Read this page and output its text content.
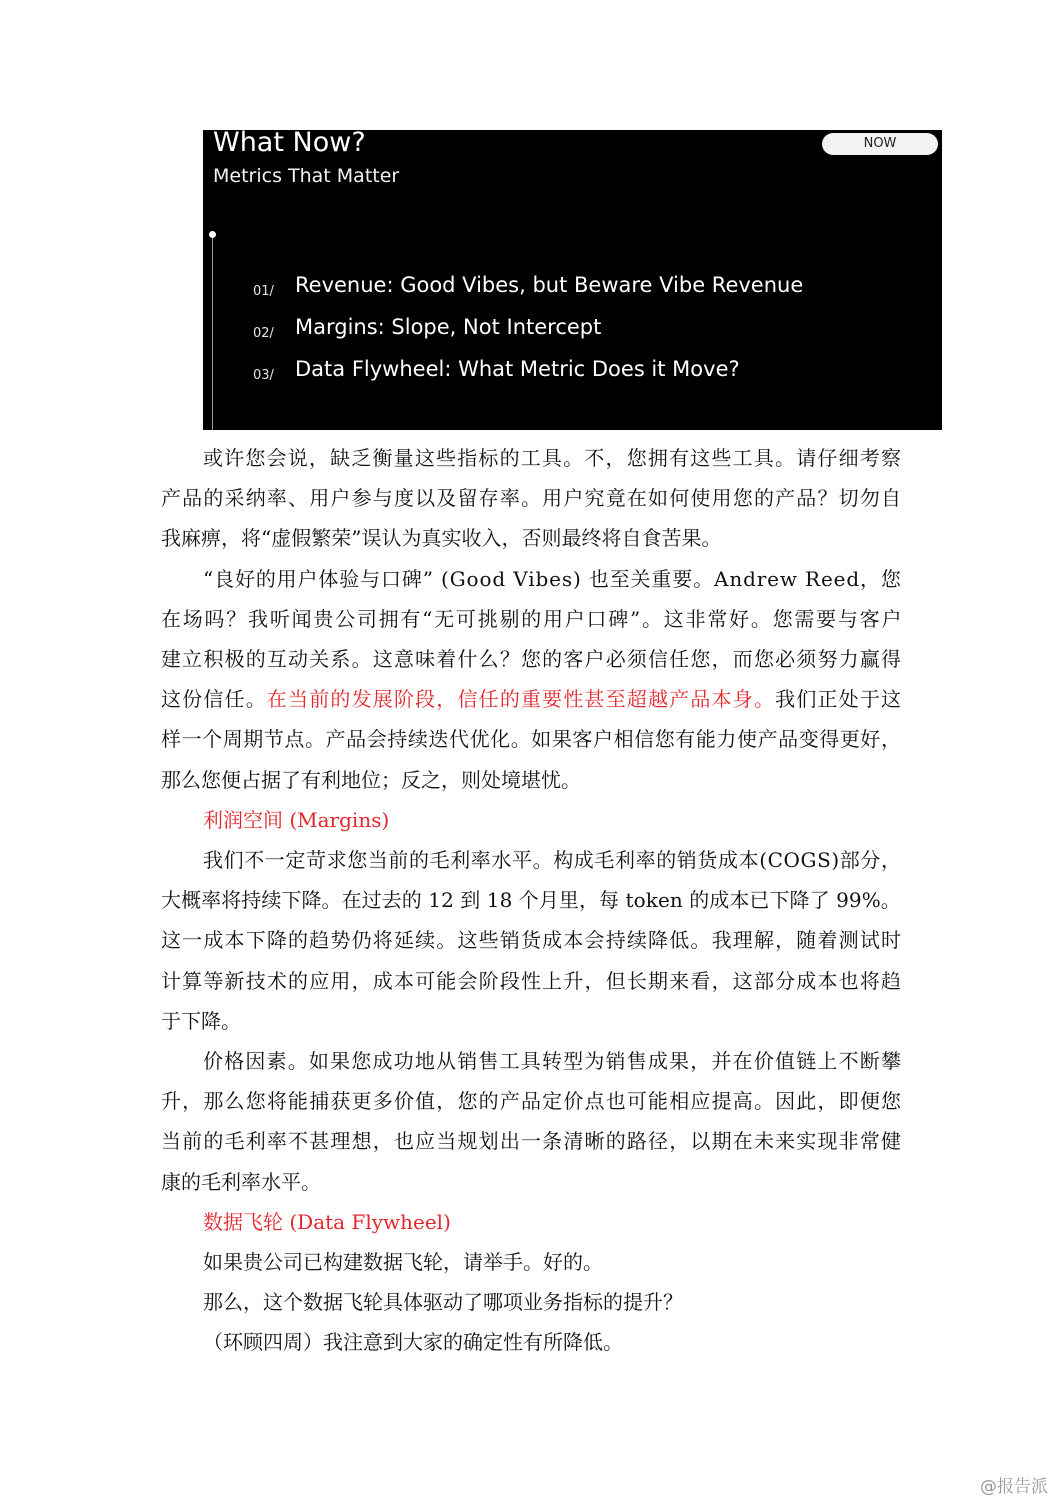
What Now?
Metrics That Matter
NOW
01/ Revenue: Good Vibes, but Beware Vibe Revenue
02/ Margins: Slope, Not Intercept
03/ Data Flywheel: What Metric Does it Move?
或许您会说，缺乏衡量这些指标的工具。不，您拥有这些工具。请仔细考察
产品的采纳率、用户参与度以及留存率。用户究竟在如何使用您的产品？切勿自
我麻痹，将“虚假繁荣”误认为真实收入，否则最终将自食苦果。
“良好的用户体验与口碑” (Good Vibes) 也至关重要。Andrew Reed，您
在场吗？我听闻贵公司拥有“无可挑剔的用户口碑”。这非常好。您需要与客户
建立积极的互动关系。这意味着什么？您的客户必须信任您，而您必须努力赢得
这份信任。在当前的发展阶段，信任的重要性甚至超越产品本身。我们正处于这
样一个周期节点。产品会持续迭代优化。如果客户相信您有能力使产品变得更好，
那么您便占据了有利地位；反之，则处境堪忧。
利润空间 (Margins)
我们不一定苛求您当前的毛利率水平。构成毛利率的销货成本(COGS)部分，
大概率将持续下降。在过去的 12 到 18 个月里，每 token 的成本已下降了 99%。
这一成本下降的趋势仍将延续。这些销货成本会持续降低。我理解，随着测试时
计算等新技术的应用，成本可能会阶段性上升，但长期来看，这部分成本也将趋
于下降。
价格因素。如果您成功地从销售工具转型为销售成果，并在价值链上不断攀
升，那么您将能捕获更多价值，您的产品定价点也可能相应提高。因此，即便您
当前的毛利率不甚理想，也应当规划出一条清晰的路径，以期在未来实现非常健
康的毛利率水平。
数据飞轮 (Data Flywheel)
如果贵公司已构建数据飞轮，请举手。好的。
那么，这个数据飞轮具体驱动了哪项业务指标的提升？
（环顾四周）我注意到大家的确定性有所降低。
@报告派
